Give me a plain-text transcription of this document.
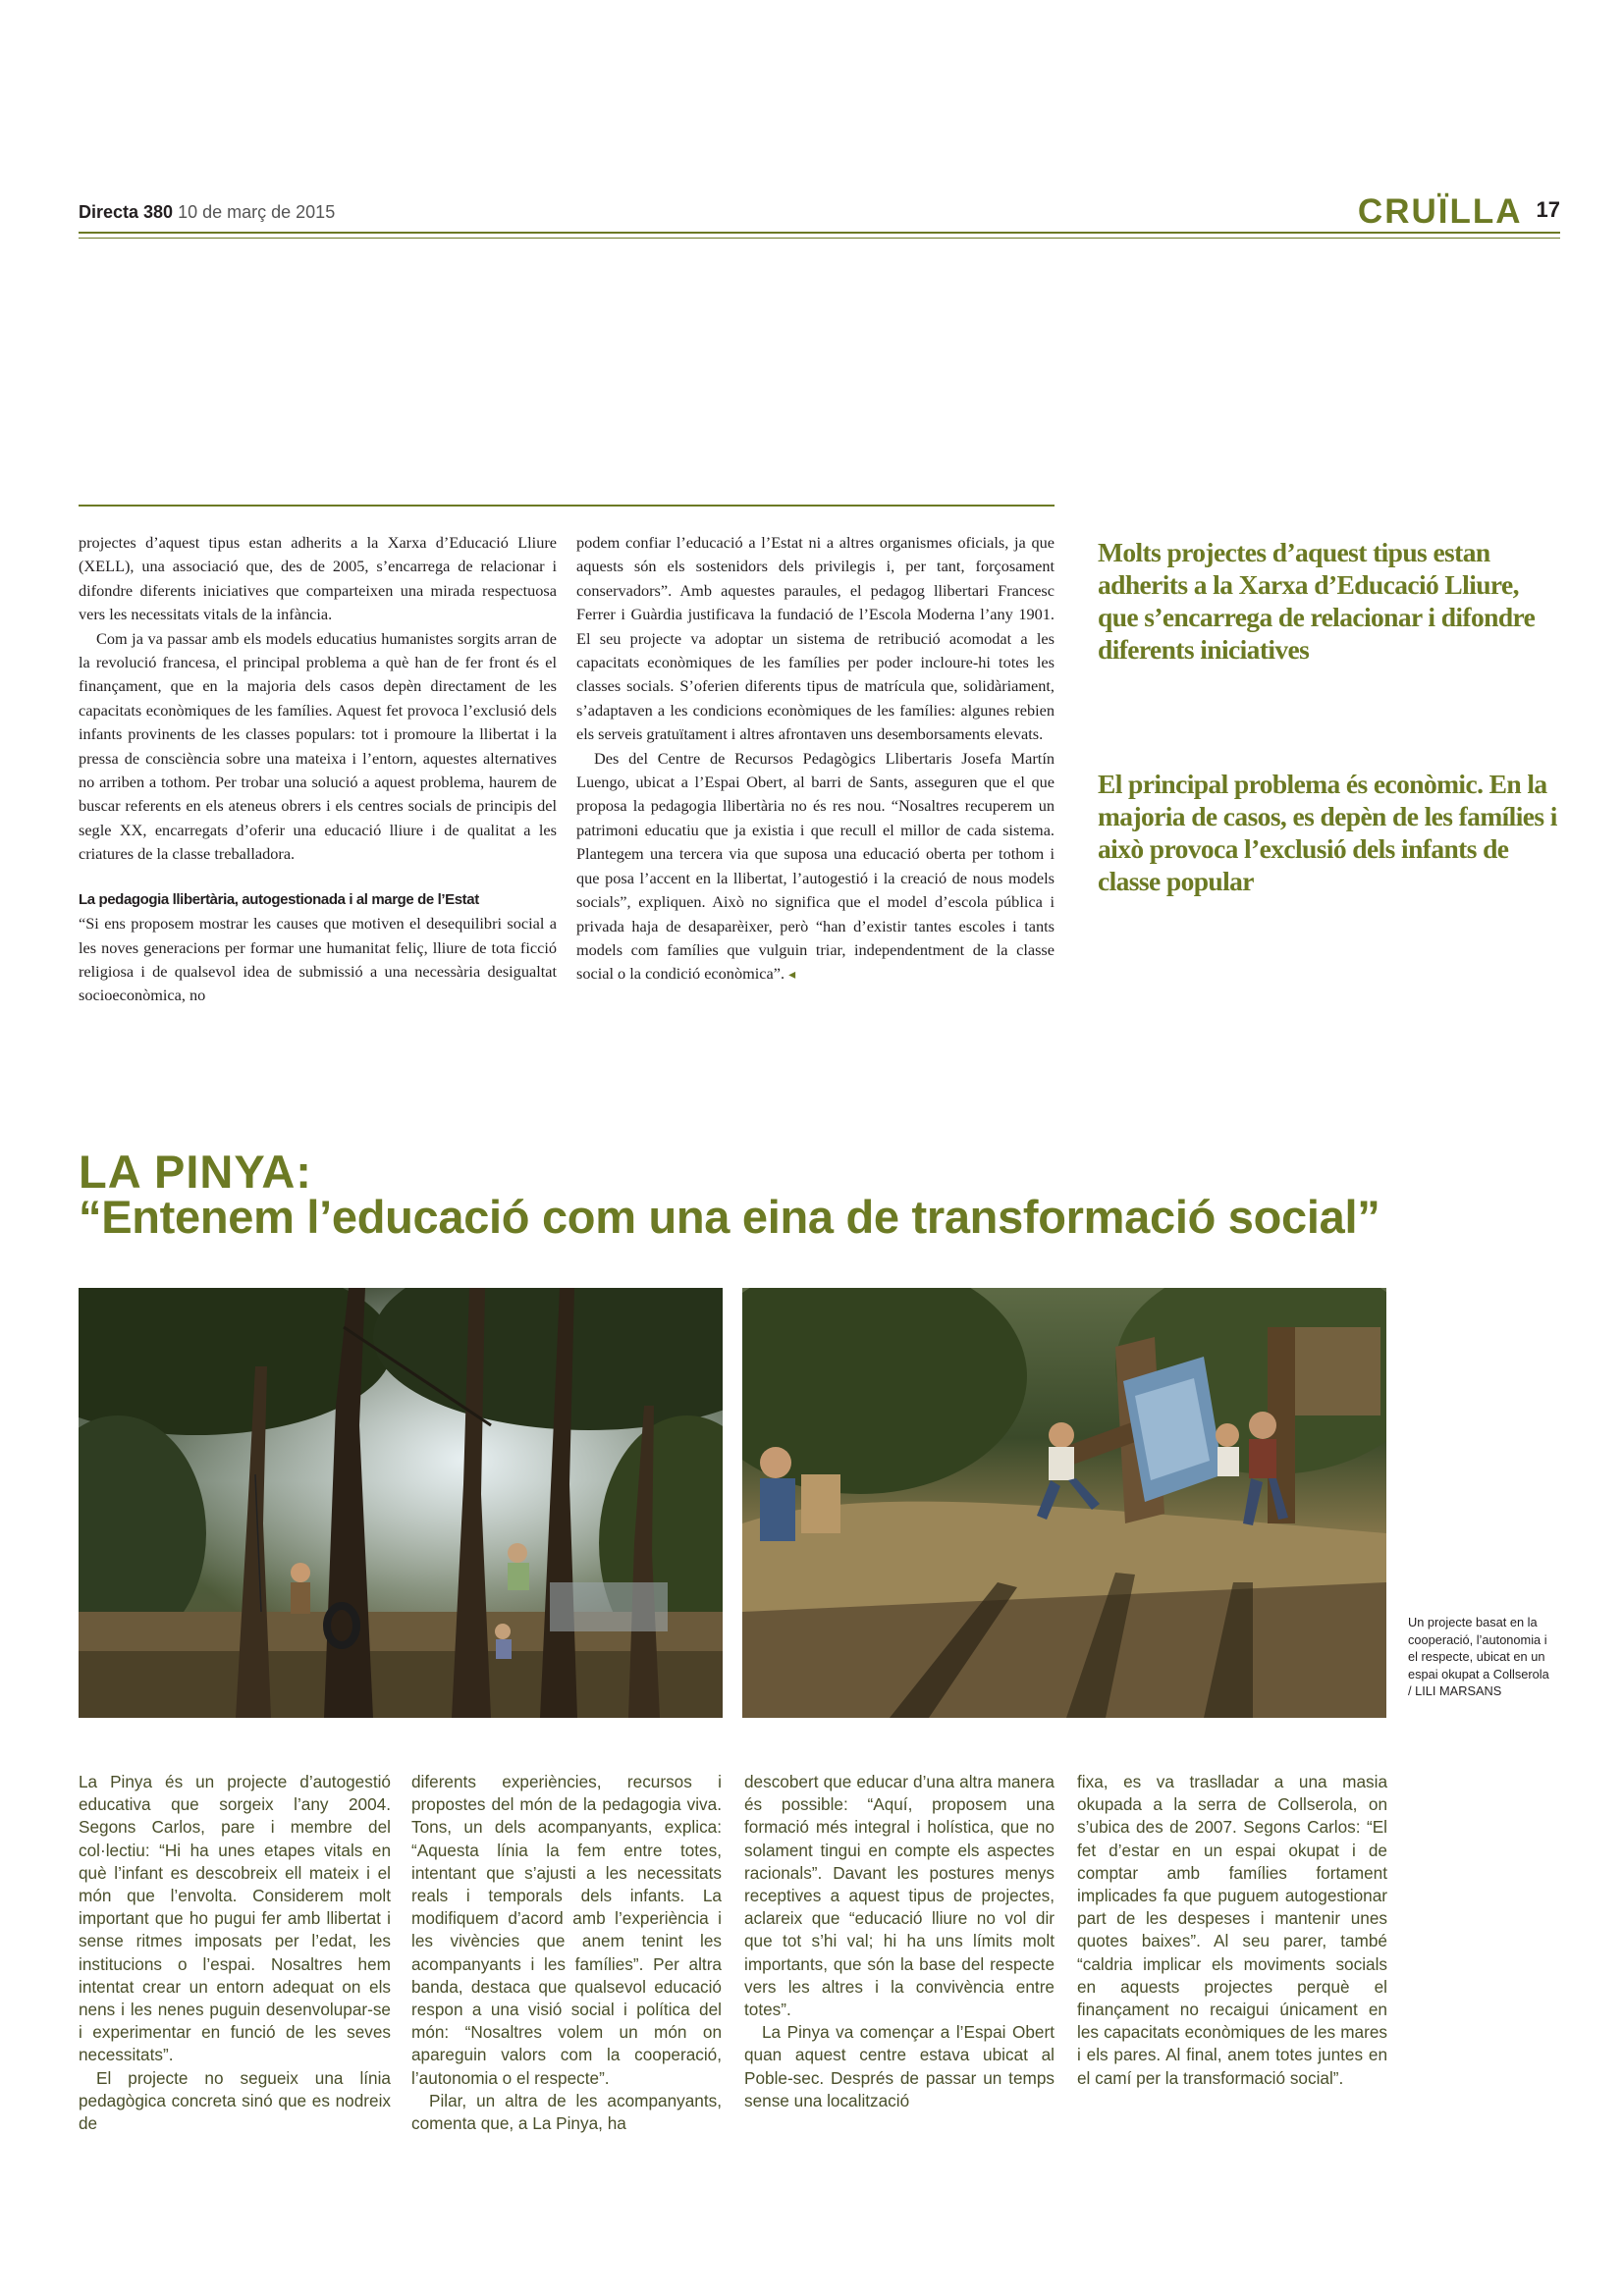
Directa 380 10 de març de 2015	CRUÏLLA 17

projectes d’aquest tipus estan adherits a la Xarxa d’Educació Lliure (XELL), una associació que, des de 2005, s’encarrega de relacionar i difondre diferents iniciatives que comparteixen una mirada respectuosa vers les necessitats vitals de la infància.

Com ja va passar amb els models educatius humanistes sorgits arran de la revolució francesa, el principal problema a què han de fer front és el finançament, que en la majoria dels casos depèn directament de les capacitats econòmiques de les famílies. Aquest fet provoca l’exclusió dels infants provinents de les classes populars: tot i promoure la llibertat i la pressa de consciència sobre una mateixa i l’entorn, aquestes alternatives no arriben a tothom. Per trobar una solució a aquest problema, haurem de buscar referents en els ateneus obrers i els centres socials de principis del segle XX, encarregats d’oferir una educació lliure i de qualitat a les criatures de la classe treballadora.

La pedagogia llibertària, autogestionada i al marge de l’Estat

“Si ens proposem mostrar les causes que motiven el desequilibri social a les noves generacions per formar une humanitat feliç, lliure de tota ficció religiosa i de qualsevol idea de submissió a una necessària desigualtat socioeconòmica, no

podem confiar l’educació a l’Estat ni a altres organismes oficials, ja que aquests són els sostenidors dels privilegis i, per tant, forçosament conservadors”. Amb aquestes paraules, el pedagog llibertari Francesc Ferrer i Guàrdia justificava la fundació de l’Escola Moderna l’any 1901. El seu projecte va adoptar un sistema de retribució acomodat a les capacitats econòmiques de les famílies per poder incloure-hi totes les classes socials. S’oferien diferents tipus de matrícula que, solidàriament, s’adaptaven a les condicions econòmiques de les famílies: algunes rebien els serveis gratuïtament i altres afrontaven uns desemborsaments elevats.

Des del Centre de Recursos Pedagògics Llibertaris Josefa Martín Luengo, ubicat a l’Espai Obert, al barri de Sants, asseguren que el que proposa la pedagogia llibertària no és res nou. “Nosaltres recuperem un patrimoni educatiu que ja existia i que recull el millor de cada sistema. Plantegem una tercera via que suposa una educació oberta per tothom i que posa l’accent en la llibertat, l’autogestió i la creació de nous models socials”, expliquen. Això no significa que el model d’escola pública i privada haja de desaparèixer, però “han d’existir tantes escoles i tants models com famílies que vulguin triar, independentment de la classe social o la condició econòmica”. ◂

Molts projectes d’aquest tipus estan adherits a la Xarxa d’Educació Lliure, que s’encarrega de relacionar i difondre diferents iniciatives
El principal problema és econòmic. En la majoria de casos, es depèn de les famílies i això provoca l’exclusió dels infants de classe popular
LA PINYA:
“Entenem l’educació com una eina de transformació social”
Un projecte basat en la cooperació, l’autonomia i el respecte, ubicat en un espai okupat a Collserola / LILI MARSANS

La Pinya és un projecte d’autogestió educativa que sorgeix l’any 2004. Segons Carlos, pare i membre del col·lectiu: “Hi ha unes etapes vitals en què l’infant es descobreix ell mateix i el món que l’envolta. Considerem molt important que ho pugui fer amb llibertat i sense ritmes imposats per l’edat, les institucions o l’espai. Nosaltres hem intentat crear un entorn adequat on els nens i les nenes puguin desenvolupar-se i experimentar en funció de les seves necessitats”.

El projecte no segueix una línia pedagògica concreta sinó que es nodreix de

diferents experiències, recursos i propostes del món de la pedagogia viva. Tons, un dels acompanyants, explica: “Aquesta línia la fem entre totes, intentant que s’ajusti a les necessitats reals i temporals dels infants. La modifiquem d’acord amb l’experiència i les vivències que anem tenint les acompanyants i les famílies”. Per altra banda, destaca que qualsevol educació respon a una visió social i política del món: “Nosaltres volem un món on apareguin valors com la cooperació, l’autonomia o el respecte”.

Pilar, un altra de les acompanyants, comenta que, a La Pinya, ha

descobert que educar d’una altra manera és possible: “Aquí, proposem una formació més integral i holística, que no solament tingui en compte els aspectes racionals”. Davant les postures menys receptives a aquest tipus de projectes, aclareix que “educació lliure no vol dir que tot s’hi val; hi ha uns límits molt importants, que són la base del respecte vers les altres i la convivència entre totes”.

La Pinya va començar a l’Espai Obert quan aquest centre estava ubicat al Poble-sec. Després de passar un temps sense una localització

fixa, es va traslladar a una masia okupada a la serra de Collserola, on s’ubica des de 2007. Segons Carlos: “El fet d’estar en un espai okupat i de comptar amb famílies fortament implicades fa que puguem autogestionar part de les despeses i mantenir unes quotes baixes”. Al seu parer, també “caldria implicar els moviments socials en aquests projectes perquè el finançament no recaigui únicament en les capacitats econòmiques de les mares i els pares. Al final, anem totes juntes en el camí per la transformació social”.
